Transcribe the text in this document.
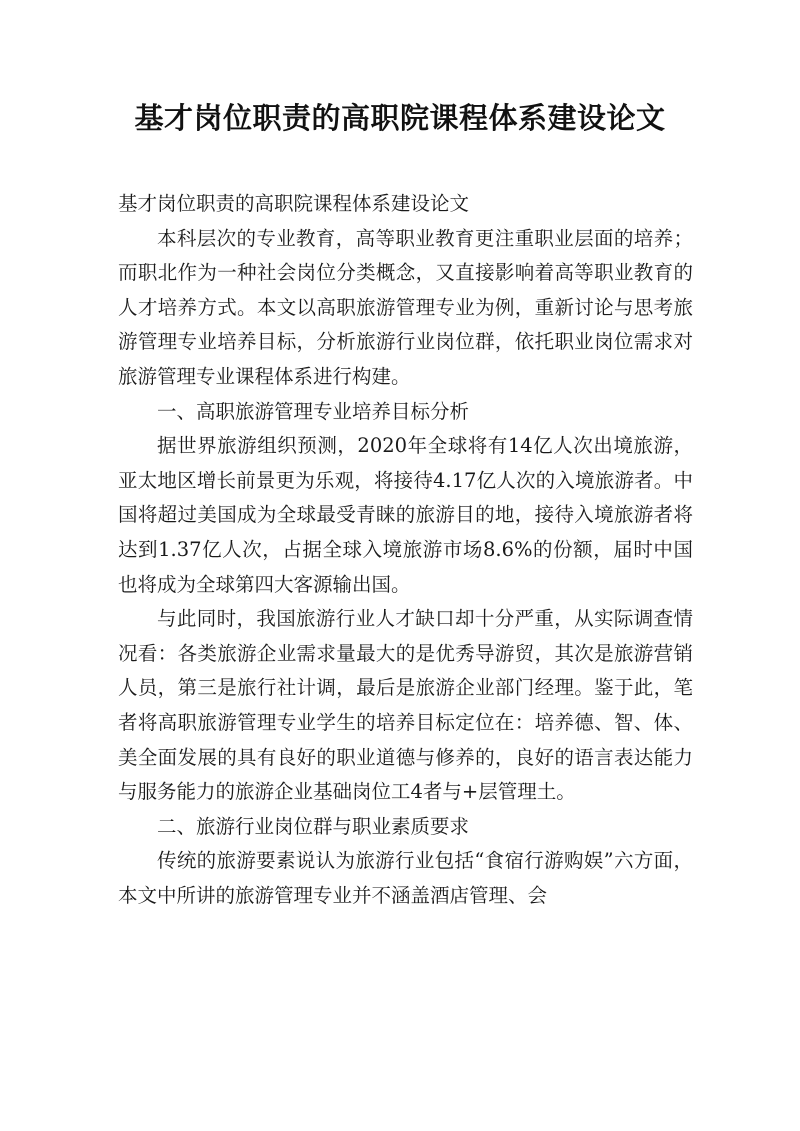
基才岗位职责的高职院课程体系建设论文

基才岗位职责的高职院课程体系建设论文

本科层次的专业教育，高等职业教育更注重职业层面的培养；而职北作为一种社会岗位分类概念，又直接影响着高等职业教育的人才培养方式。本文以高职旅游管理专业为例，重新讨论与思考旅游管理专业培养目标，分析旅游行业岗位群，依托职业岗位需求对旅游管理专业课程体系进行构建。

一、高职旅游管理专业培养目标分析

据世界旅游组织预测，2020年全球将有14亿人次出境旅游，亚太地区增长前景更为乐观，将接待4.17亿人次的入境旅游者。中国将超过美国成为全球最受青睐的旅游目的地，接待入境旅游者将达到1.37亿人次，占据全球入境旅游市场8.6%的份额，届时中国也将成为全球第四大客源输出国。

与此同时，我国旅游行业人才缺口却十分严重，从实际调查情况看：各类旅游企业需求量最大的是优秀导游贸，其次是旅游营销人员，第三是旅行社计调，最后是旅游企业部门经理。鉴于此，笔者将高职旅游管理专业学生的培养目标定位在：培养德、智、体、美全面发展的具有良好的职业道德与修养的，良好的语言表达能力与服务能力的旅游企业基础岗位工4者与+层管理土。

二、旅游行业岗位群与职业素质要求

传统的旅游要素说认为旅游行业包括“食宿行游购娱”六方面，本文中所讲的旅游管理专业并不涵盖酒店管理、会
